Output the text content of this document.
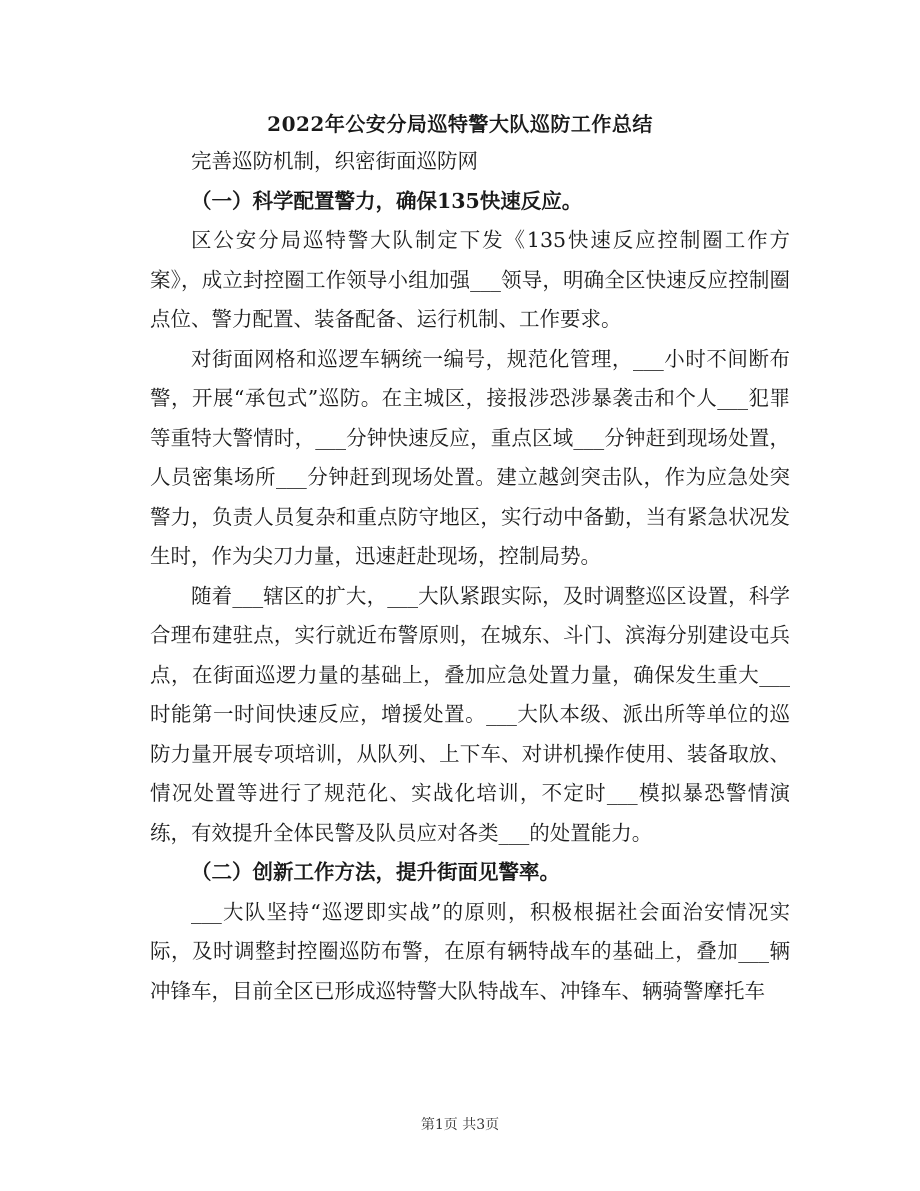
2022年公安分局巡特警大队巡防工作总结

完善巡防机制，织密街面巡防网

（一）科学配置警力，确保135快速反应。

区公安分局巡特警大队制定下发《135快速反应控制圈工作方案》，成立封控圈工作领导小组加强___领导，明确全区快速反应控制圈点位、警力配置、装备配备、运行机制、工作要求。

对街面网格和巡逻车辆统一编号，规范化管理，___小时不间断布警，开展“承包式”巡防。在主城区，接报涉恐涉暴袭击和个人___犯罪等重特大警情时，___分钟快速反应，重点区域___分钟赶到现场处置，人员密集场所___分钟赶到现场处置。建立越剑突击队，作为应急处突警力，负责人员复杂和重点防守地区，实行动中备勤，当有紧急状况发生时，作为尖刀力量，迅速赶赴现场，控制局势。

随着___辖区的扩大，___大队紧跟实际，及时调整巡区设置，科学合理布建驻点，实行就近布警原则，在城东、斗门、滨海分别建设屯兵点，在街面巡逻力量的基础上，叠加应急处置力量，确保发生重大___时能第一时间快速反应，增援处置。___大队本级、派出所等单位的巡防力量开展专项培训，从队列、上下车、对讲机操作使用、装备取放、情况处置等进行了规范化、实战化培训，不定时___模拟暴恐警情演练，有效提升全体民警及队员应对各类___的处置能力。

（二）创新工作方法，提升街面见警率。

___大队坚持“巡逻即实战”的原则，积极根据社会面治安情况实际，及时调整封控圈巡防布警，在原有辆特战车的基础上，叠加___辆冲锋车，目前全区已形成巡特警大队特战车、冲锋车、辆骑警摩托车

第1页 共3页
